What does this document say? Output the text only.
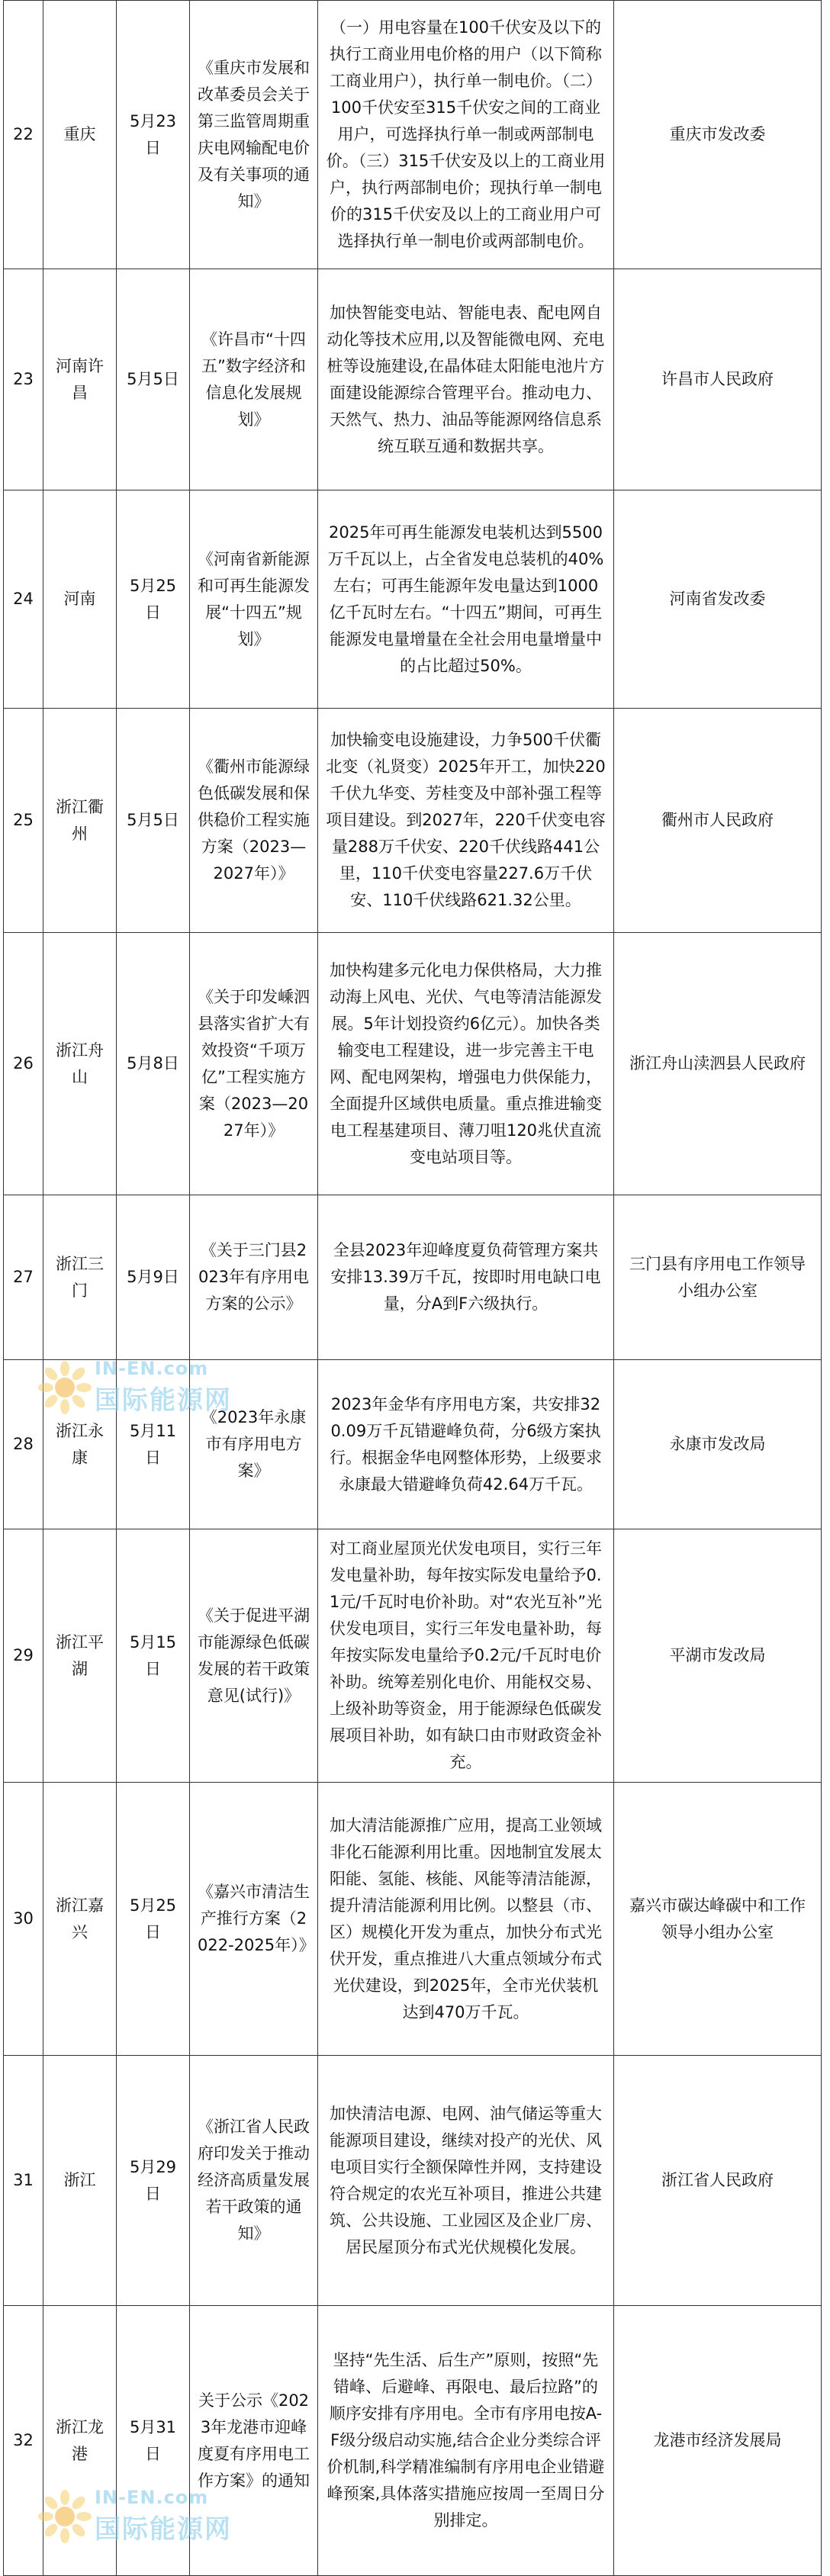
22	重庆	5月23日	《重庆市发展和改革委员会关于第三监管周期重庆电网输配电价及有关事项的通知》	（一）用电容量在100千伏安及以下的执行工商业用电价格的用户（以下简称工商业用户），执行单一制电价。（二）100千伏安至315千伏安之间的工商业用户，可选择执行单一制或两部制电价。（三）315千伏安及以上的工商业用户，执行两部制电价；现执行单一制电价的315千伏安及以上的工商业用户可选择执行单一制电价或两部制电价。	重庆市发改委
23	河南许昌	5月5日	《许昌市“十四五”数字经济和信息化发展规划》	加快智能变电站、智能电表、配电网自动化等技术应用,以及智能微电网、充电桩等设施建设,在晶体硅太阳能电池片方面建设能源综合管理平台。推动电力、天然气、热力、油品等能源网络信息系统互联互通和数据共享。	许昌市人民政府
24	河南	5月25日	《河南省新能源和可再生能源发展“十四五”规划》	2025年可再生能源发电装机达到5500万千瓦以上，占全省发电总装机的40%左右；可再生能源年发电量达到1000亿千瓦时左右。“十四五”期间，可再生能源发电量增量在全社会用电量增量中的占比超过50%。	河南省发改委
25	浙江衢州	5月5日	《衢州市能源绿色低碳发展和保供稳价工程实施方案（2023—2027年）》	加快输变电设施建设，力争500千伏衢北变（礼贤变）2025年开工，加快220千伏九华变、芳桂变及中部补强工程等项目建设。到2027年，220千伏变电容量288万千伏安、220千伏线路441公里，110千伏变电容量227.6万千伏安、110千伏线路621.32公里。	衢州市人民政府
26	浙江舟山	5月8日	《关于印发嵊泗县落实省扩大有效投资“千项万亿”工程实施方案（2023—2027年）》	加快构建多元化电力保供格局，大力推动海上风电、光伏、气电等清洁能源发展。5年计划投资约6亿元）。加快各类输变电工程建设，进一步完善主干电网、配电网架构，增强电力供保能力，全面提升区域供电质量。重点推进输变电工程基建项目、薄刀咀120兆伏直流变电站项目等。	浙江舟山渎泗县人民政府
27	浙江三门	5月9日	《关于三门县2023年有序用电方案的公示》	全县2023年迎峰度夏负荷管理方案共安排13.39万千瓦，按即时用电缺口电量，分A到F六级执行。	三门县有序用电工作领导小组办公室
28	浙江永康	5月11日	《2023年永康市有序用电方案》	2023年金华有序用电方案，共安排320.09万千瓦错避峰负荷，分6级方案执行。根据金华电网整体形势，上级要求永康最大错避峰负荷42.64万千瓦。	永康市发改局
29	浙江平湖	5月15日	《关于促进平湖市能源绿色低碳发展的若干政策意见(试行)》	对工商业屋顶光伏发电项目，实行三年发电量补助，每年按实际发电量给予0.1元/千瓦时电价补助。对“农光互补”光伏发电项目，实行三年发电量补助，每年按实际发电量给予0.2元/千瓦时电价补助。统筹差别化电价、用能权交易、上级补助等资金，用于能源绿色低碳发展项目补助，如有缺口由市财政资金补充。	平湖市发改局
30	浙江嘉兴	5月25日	《嘉兴市清洁生产推行方案（2022-2025年）》	加大清洁能源推广应用，提高工业领域非化石能源利用比重。因地制宜发展太阳能、氢能、核能、风能等清洁能源，提升清洁能源利用比例。以整县（市、区）规模化开发为重点，加快分布式光伏开发，重点推进八大重点领域分布式光伏建设，到2025年，全市光伏装机达到470万千瓦。	嘉兴市碳达峰碳中和工作领导小组办公室
31	浙江	5月29日	《浙江省人民政府印发关于推动经济高质量发展若干政策的通知》	加快清洁电源、电网、油气储运等重大能源项目建设，继续对投产的光伏、风电项目实行全额保障性并网，支持建设符合规定的农光互补项目，推进公共建筑、公共设施、工业园区及企业厂房、居民屋顶分布式光伏规模化发展。	浙江省人民政府
32	浙江龙港	5月31日	关于公示《2023年龙港市迎峰度夏有序用电工作方案》的通知	坚持“先生活、后生产”原则，按照“先错峰、后避峰、再限电、最后拉路”的顺序安排有序用电。全市有序用电按A-F级分级启动实施,结合企业分类综合评价机制,科学精准编制有序用电企业错避峰预案,具体落实措施应按周一至周日分别排定。	龙港市经济发展局
IN-EN.com
国际能源网
IN-EN.com
国际能源网
